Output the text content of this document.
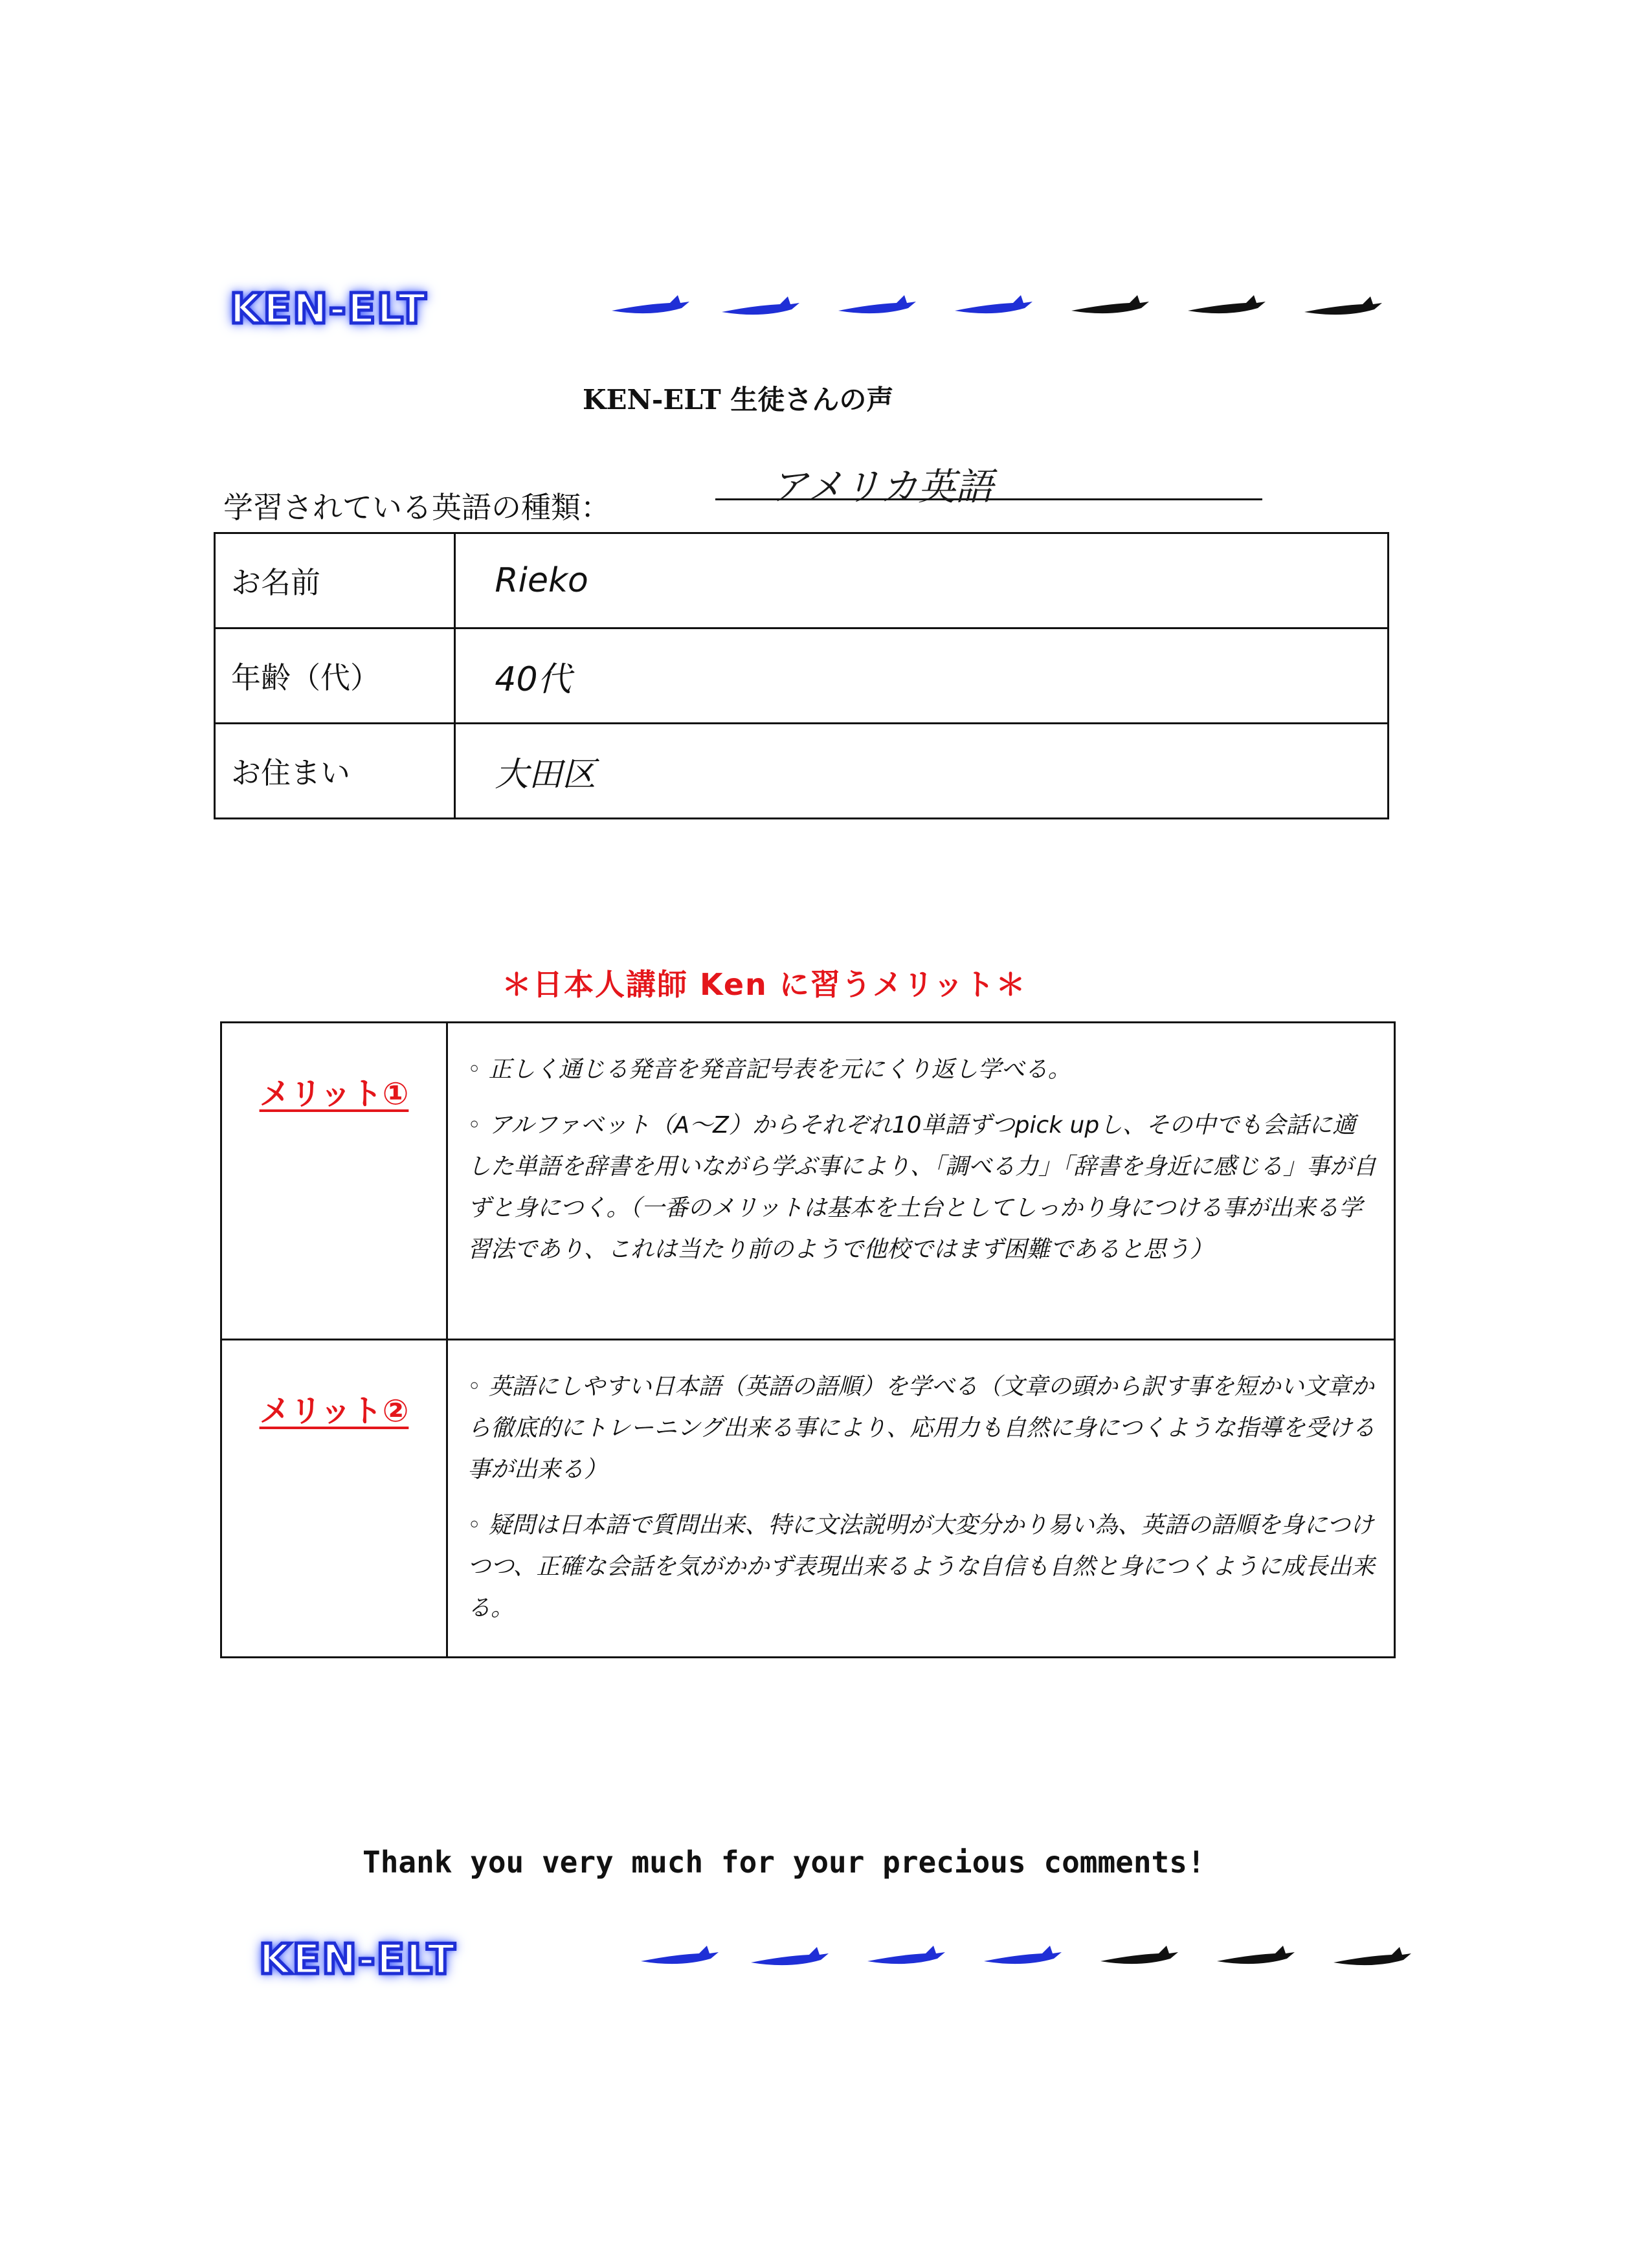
KEN-ELT
KEN-ELT 生徒さんの声
学習されている英語の種類：	アメリカ英語
お名前	Rieko
年齢（代）	40代
お住まい	大田区
＊日本人講師 Ken に習うメリット＊
メリット①	◦ 正しく通じる発音を発音記号表を元にくり返し学べる。
◦ アルファベット（A〜Z）からそれぞれ10単語ずつpick upし、その中でも会話に適した単語を辞書を用いながら学ぶ事により、「調べる力」「辞書を身近に感じる」事が自ずと身につく。（一番のメリットは基本を土台としてしっかり身につける事が出来る学習法であり、これは当たり前のようで他校ではまず困難であると思う）

メリット②	◦ 英語にしやすい日本語（英語の語順）を学べる（文章の頭から訳す事を短かい文章から徹底的にトレーニング出来る事により、応用力も自然に身につくような指導を受ける事が出来る）
◦ 疑問は日本語で質問出来、特に文法説明が大変分かり易い為、英語の語順を身につけつつ、正確な会話を気がかかず表現出来るような自信も自然と身につくように成長出来る。
Thank you very much for your precious comments!
KEN-ELT
